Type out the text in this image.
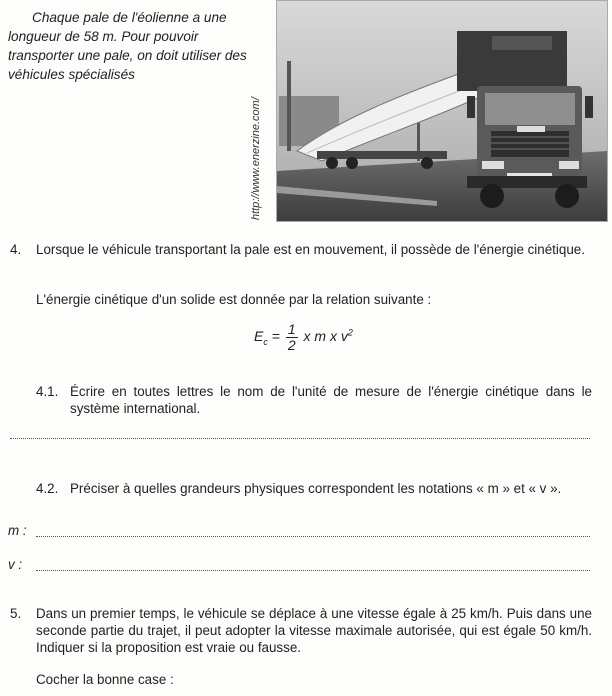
Chaque pale de l'éolienne a une longueur de 58 m. Pour pouvoir transporter une pale, on doit utiliser des véhicules spécialisés
http://www.enerzine.com/
4. Lorsque le véhicule transportant la pale est en mouvement, il possède de l'énergie cinétique.
L'énergie cinétique d'un solide est donnée par la relation suivante :
$E_c = \frac{1}{2}$ x m x $v^2$
4.1. Écrire en toutes lettres le nom de l'unité de mesure de l'énergie cinétique dans le système international.
4.2. Préciser à quelles grandeurs physiques correspondent les notations « m » et « v ».
m :
v :
5. Dans un premier temps, le véhicule se déplace à une vitesse égale à 25 km/h. Puis dans une seconde partie du trajet, il peut adopter la vitesse maximale autorisée, qui est égale 50 km/h. Indiquer si la proposition est vraie ou fausse.
Cocher la bonne case :
